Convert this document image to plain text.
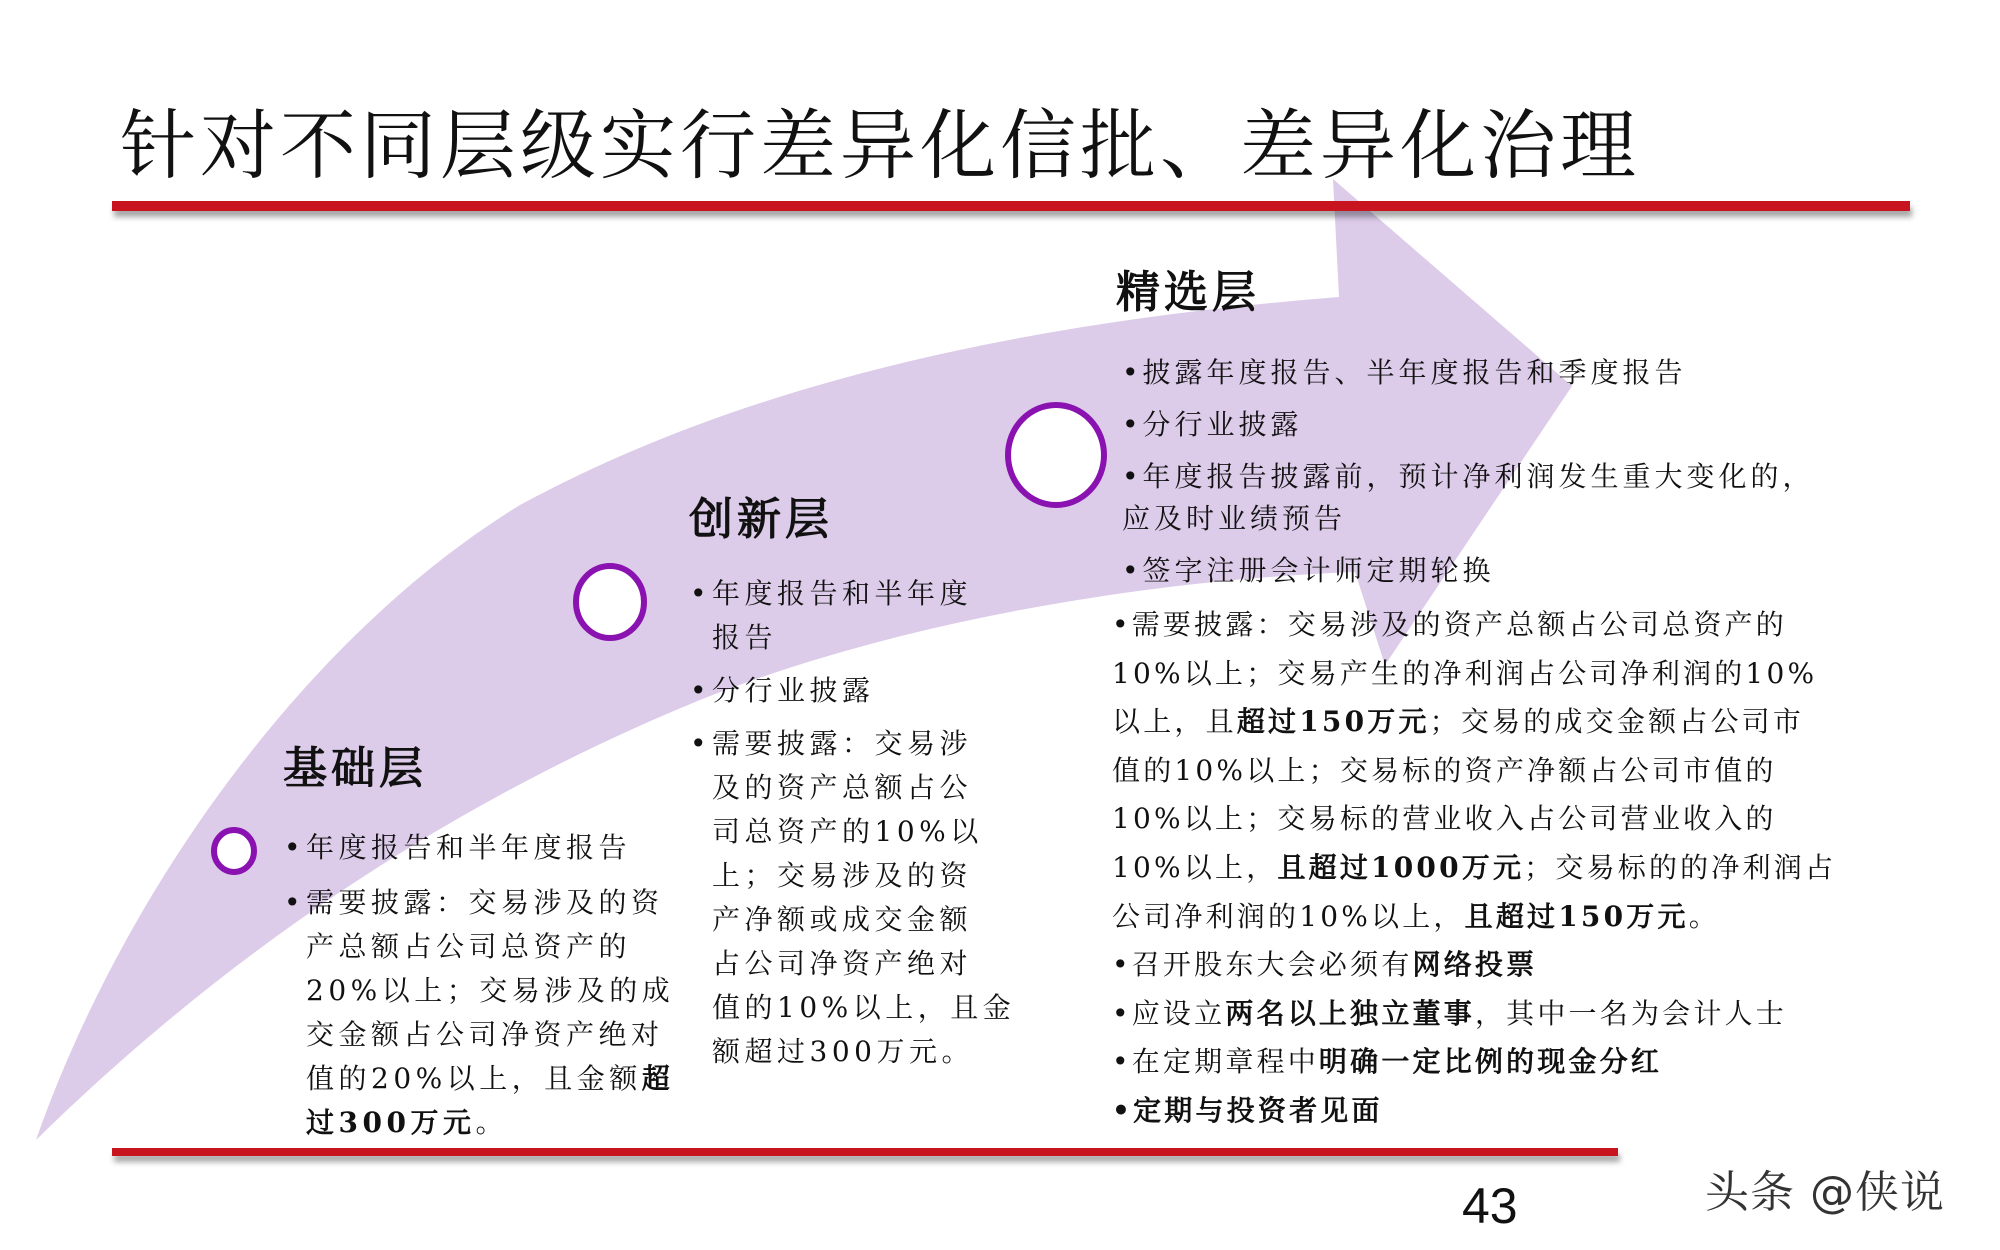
针对不同层级实行差异化信批、差异化治理
基础层
• 年度报告和半年度报告
• 需要披露：交易涉及的资
产总额占公司总资产的
20%以上；交易涉及的成
交金额占公司净资产绝对
值的20%以上，且金额超
过300万元。
创新层
• 年度报告和半年度
报告
• 分行业披露
• 需要披露：交易涉
及的资产总额占公
司总资产的10%以
上；交易涉及的资
产净额或成交金额
占公司净资产绝对
值的10%以上，且金
额超过300万元。
精选层
•披露年度报告、半年度报告和季度报告
•分行业披露
•年度报告披露前，预计净利润发生重大变化的，
应及时业绩预告
•签字注册会计师定期轮换
•需要披露：交易涉及的资产总额占公司总资产的
10%以上；交易产生的净利润占公司净利润的10%
以上，且超过150万元；交易的成交金额占公司市
值的10%以上；交易标的资产净额占公司市值的
10%以上；交易标的营业收入占公司营业收入的
10%以上，且超过1000万元；交易标的的净利润占
公司净利润的10%以上，且超过150万元。
•召开股东大会必须有网络投票
•应设立两名以上独立董事，其中一名为会计人士
•在定期章程中明确一定比例的现金分红
•定期与投资者见面
43	头条 @侠说
